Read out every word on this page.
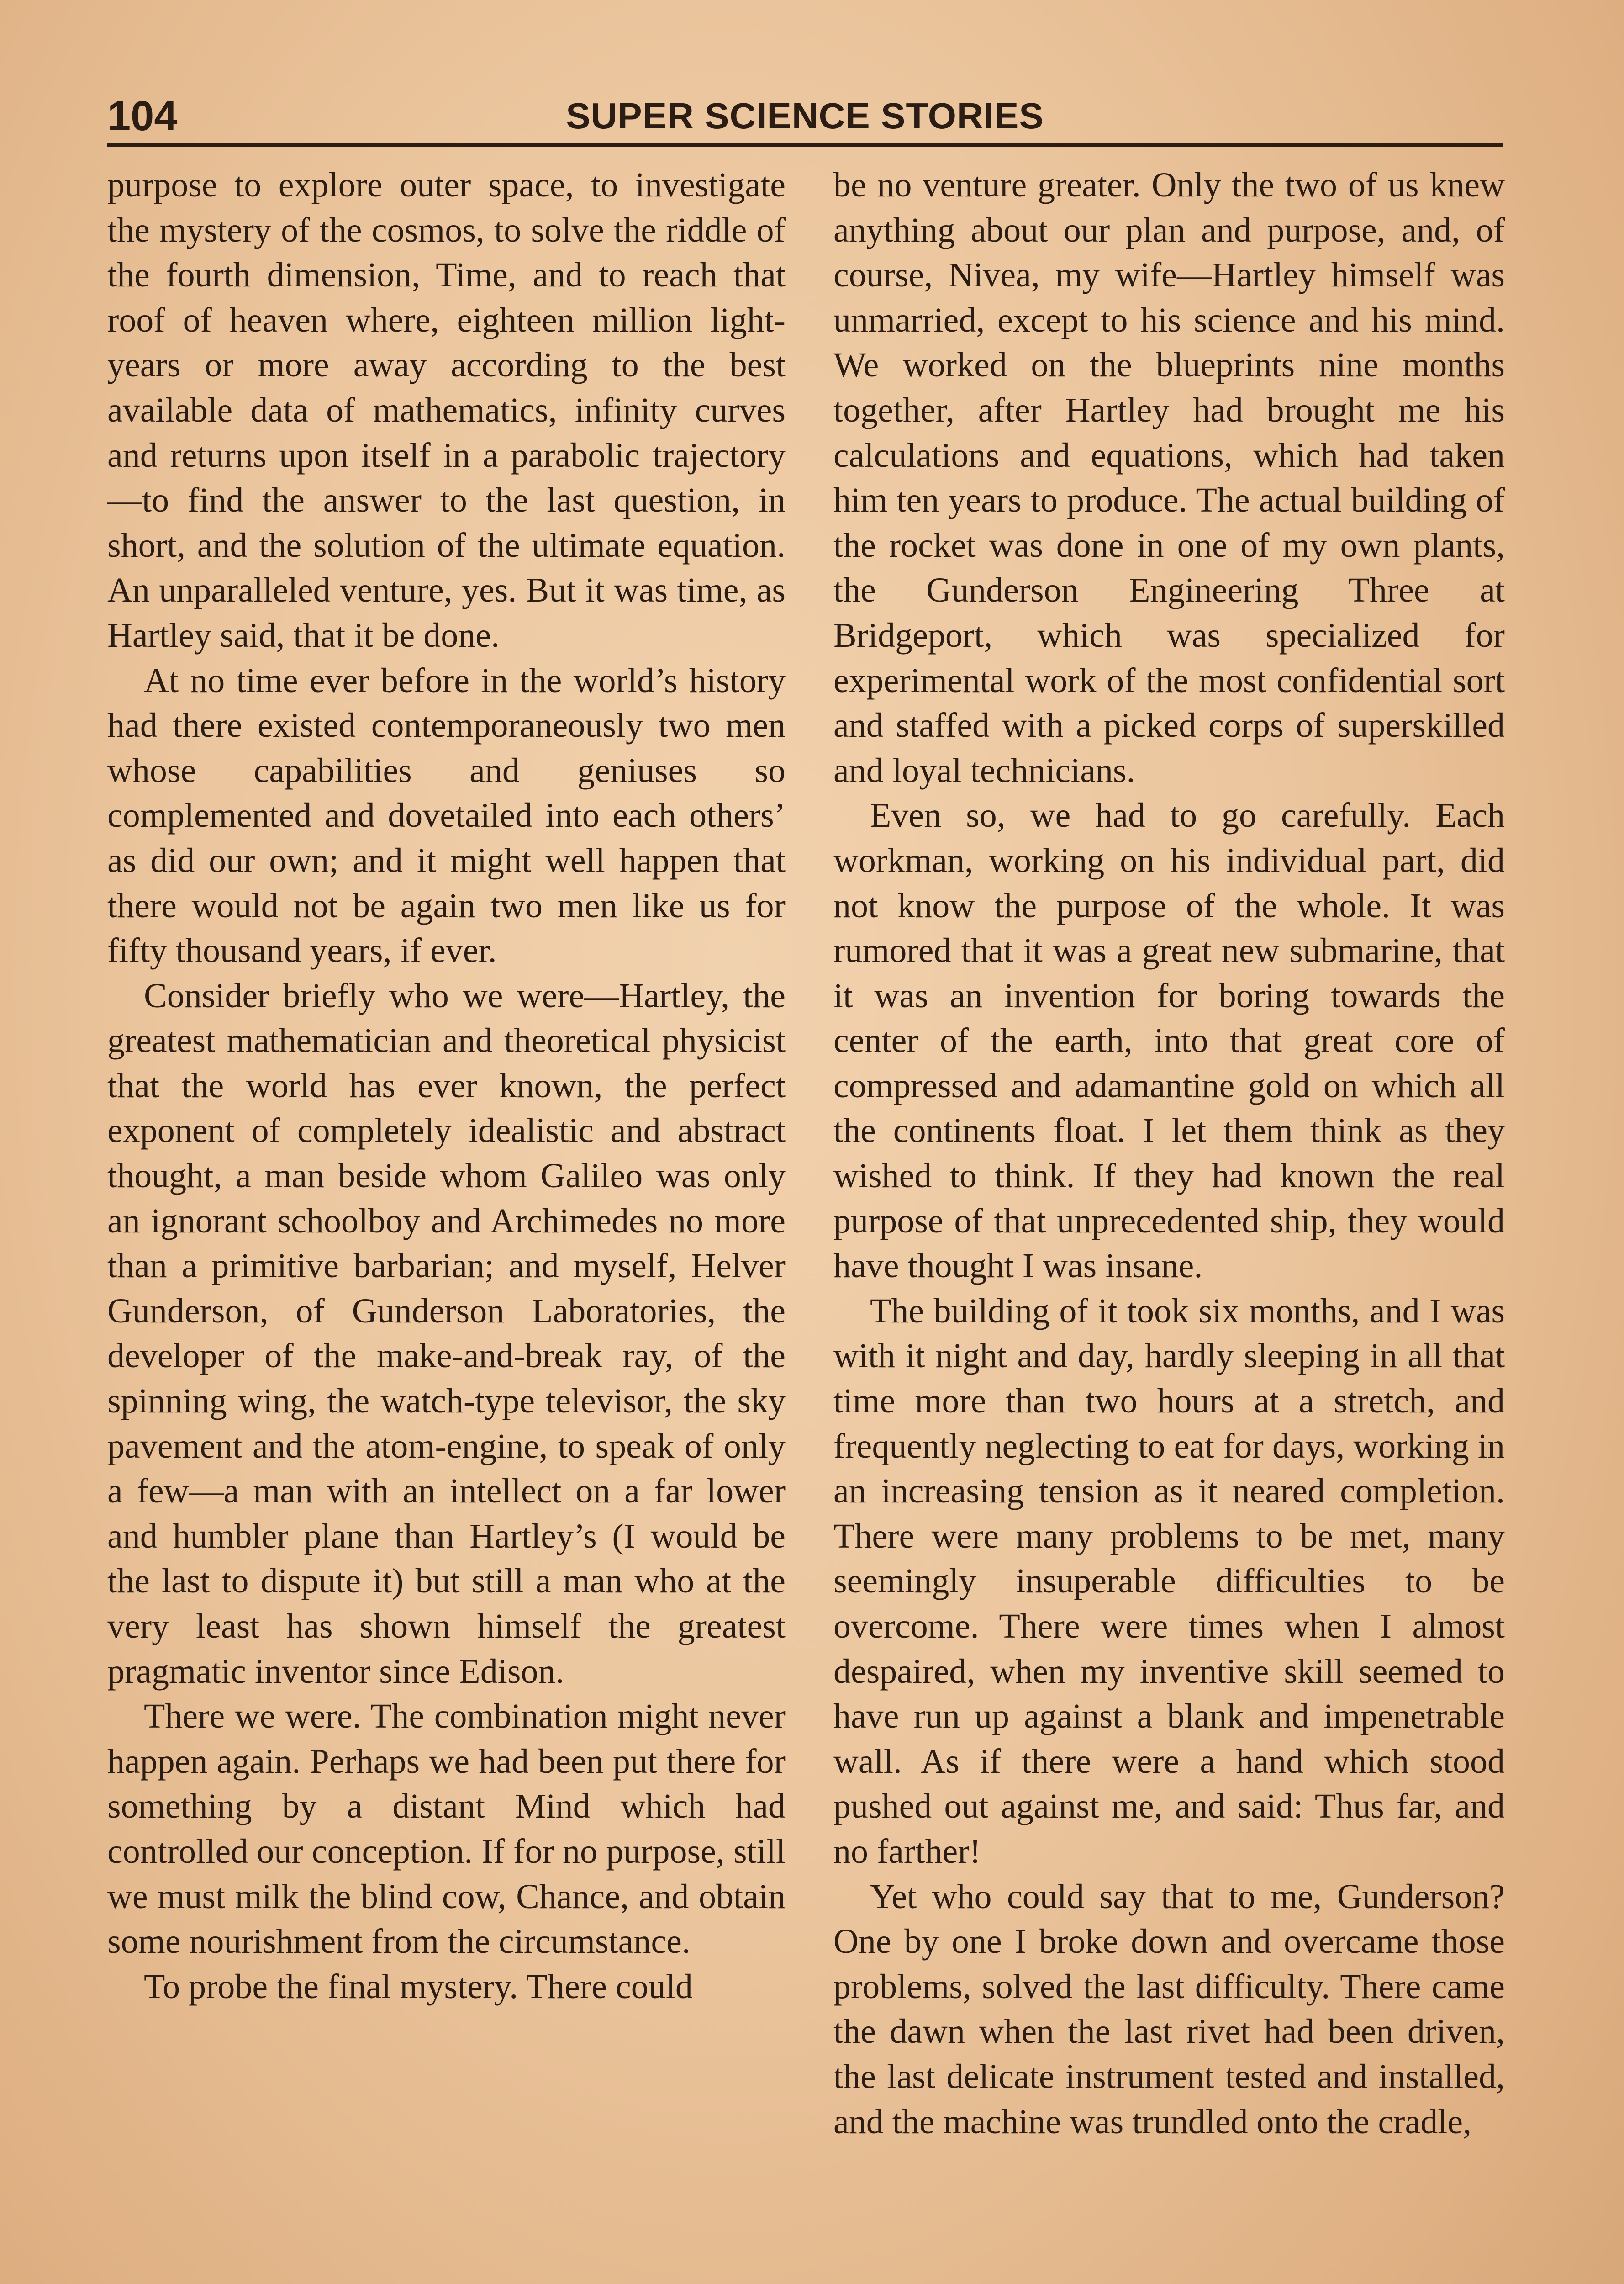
104	SUPER SCIENCE STORIES

purpose to explore outer space, to investigate the mystery of the cosmos, to solve the riddle of the fourth dimension, Time, and to reach that roof of heaven where, eighteen million light-years or more away according to the best available data of mathematics, infinity curves and returns upon itself in a parabolic trajectory—to find the answer to the last question, in short, and the solution of the ultimate equation. An unparalleled venture, yes. But it was time, as Hartley said, that it be done.

At no time ever before in the world’s history had there existed contemporaneously two men whose capabilities and geniuses so complemented and dovetailed into each others’ as did our own; and it might well happen that there would not be again two men like us for fifty thousand years, if ever.

Consider briefly who we were—Hartley, the greatest mathematician and theoretical physicist that the world has ever known, the perfect exponent of completely idealistic and abstract thought, a man beside whom Galileo was only an ignorant schoolboy and Archimedes no more than a primitive barbarian; and myself, Helver Gunderson, of Gunderson Laboratories, the developer of the make-and-break ray, of the spinning wing, the watch-type televisor, the sky pavement and the atom-engine, to speak of only a few—a man with an intellect on a far lower and humbler plane than Hartley’s (I would be the last to dispute it) but still a man who at the very least has shown himself the greatest pragmatic inventor since Edison.

There we were. The combination might never happen again. Perhaps we had been put there for something by a distant Mind which had controlled our conception. If for no purpose, still we must milk the blind cow, Chance, and obtain some nourishment from the circumstance.

To probe the final mystery. There could

be no venture greater. Only the two of us knew anything about our plan and purpose, and, of course, Nivea, my wife—Hartley himself was unmarried, except to his science and his mind. We worked on the blueprints nine months together, after Hartley had brought me his calculations and equations, which had taken him ten years to produce. The actual building of the rocket was done in one of my own plants, the Gunderson Engineering Three at Bridgeport, which was specialized for experimental work of the most confidential sort and staffed with a picked corps of superskilled and loyal technicians.

Even so, we had to go carefully. Each workman, working on his individual part, did not know the purpose of the whole. It was rumored that it was a great new submarine, that it was an invention for boring towards the center of the earth, into that great core of compressed and adamantine gold on which all the continents float. I let them think as they wished to think. If they had known the real purpose of that unprecedented ship, they would have thought I was insane.

The building of it took six months, and I was with it night and day, hardly sleeping in all that time more than two hours at a stretch, and frequently neglecting to eat for days, working in an increasing tension as it neared completion. There were many problems to be met, many seemingly insuperable difficulties to be overcome. There were times when I almost despaired, when my inventive skill seemed to have run up against a blank and impenetrable wall. As if there were a hand which stood pushed out against me, and said: Thus far, and no farther!

Yet who could say that to me, Gunderson? One by one I broke down and overcame those problems, solved the last difficulty. There came the dawn when the last rivet had been driven, the last delicate instrument tested and installed, and the machine was trundled onto the cradle,
